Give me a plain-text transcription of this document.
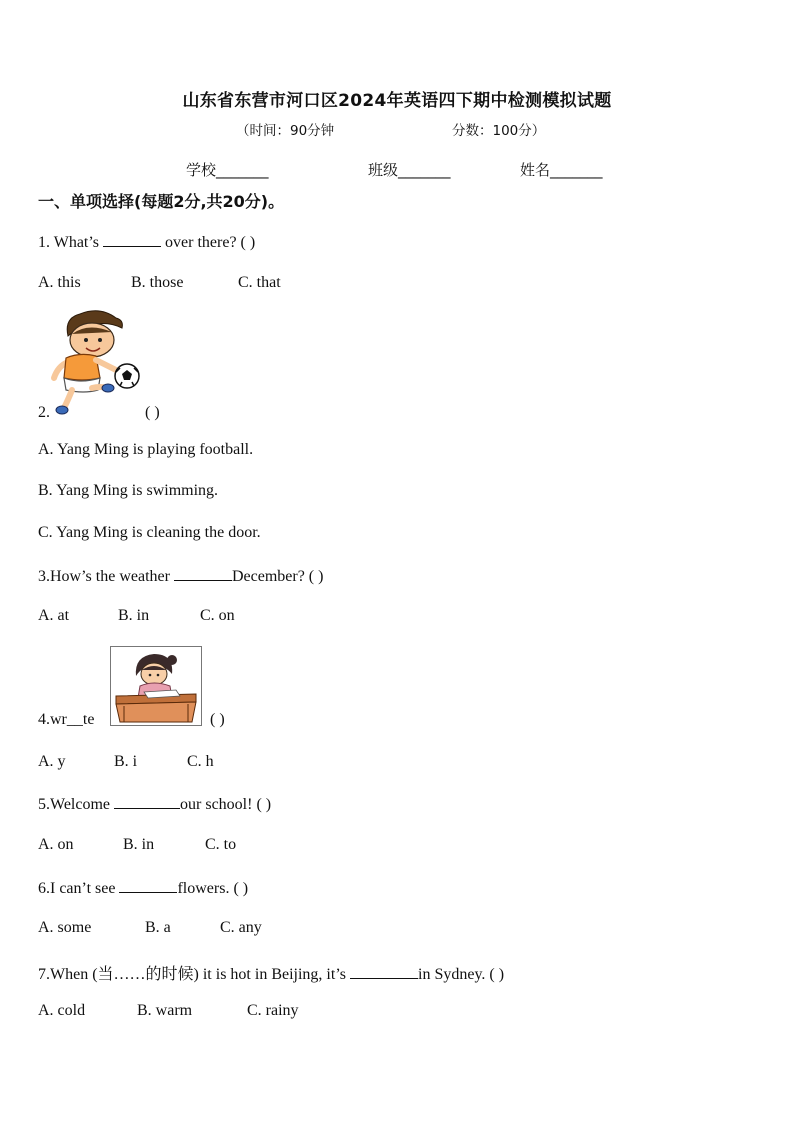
山东省东营市河口区2024年英语四下期中检测模拟试题
（时间：90分钟	分数：100分）
学校_______	班级_______	姓名_______
一、单项选择(每题2分,共20分)。
1. What’s	over there? ( )
A. this	B. those	C. that
2.	( )
A. Yang Ming is playing football.
B. Yang Ming is swimming.
C. Yang Ming is cleaning the door.
3.How’s the weather	December? ( )
A. at	B. in	C. on
4.wr__te	( )
A. y	B. i	C. h
5.Welcome	our school! ( )
A. on	B. in	C. to
6.I can’t see	flowers. ( )
A. some	B. a	C. any
7.When (当……的时候) it is hot in Beijing, it’s	in Sydney. ( )
A. cold	B. warm	C. rainy
